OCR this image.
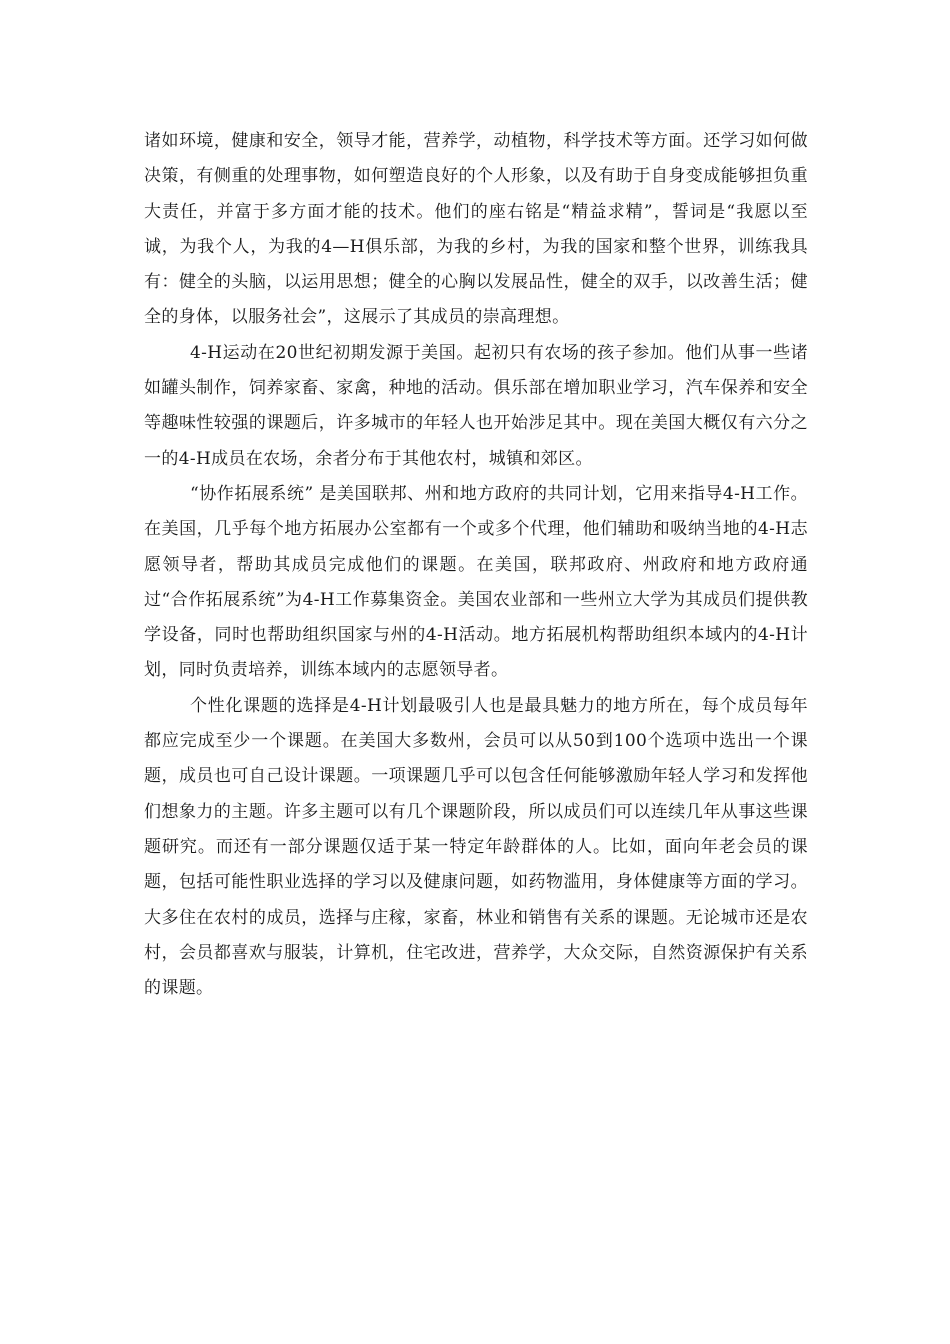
诸如环境，健康和安全，领导才能，营养学，动植物，科学技术等方面。还学习如何做决策，有侧重的处理事物，如何塑造良好的个人形象，以及有助于自身变成能够担负重大责任，并富于多方面才能的技术。他们的座右铭是“精益求精”，誓词是“我愿以至诚，为我个人，为我的4—H俱乐部，为我的乡村，为我的国家和整个世界，训练我具有：健全的头脑，以运用思想；健全的心胸以发展品性，健全的双手，以改善生活；健全的身体，以服务社会”，这展示了其成员的崇高理想。

4-H运动在20世纪初期发源于美国。起初只有农场的孩子参加。他们从事一些诸如罐头制作，饲养家畜、家禽，种地的活动。俱乐部在增加职业学习，汽车保养和安全等趣味性较强的课题后，许多城市的年轻人也开始涉足其中。现在美国大概仅有六分之一的4-H成员在农场，余者分布于其他农村，城镇和郊区。

“协作拓展系统” 是美国联邦、州和地方政府的共同计划，它用来指导4-H工作。在美国，几乎每个地方拓展办公室都有一个或多个代理，他们辅助和吸纳当地的4-H志愿领导者，帮助其成员完成他们的课题。在美国，联邦政府、州政府和地方政府通过“合作拓展系统”为4-H工作募集资金。美国农业部和一些州立大学为其成员们提供教学设备，同时也帮助组织国家与州的4-H活动。地方拓展机构帮助组织本域内的4-H计划，同时负责培养，训练本域内的志愿领导者。

个性化课题的选择是4-H计划最吸引人也是最具魅力的地方所在，每个成员每年都应完成至少一个课题。在美国大多数州，会员可以从50到100个选项中选出一个课题，成员也可自己设计课题。一项课题几乎可以包含任何能够激励年轻人学习和发挥他们想象力的主题。许多主题可以有几个课题阶段，所以成员们可以连续几年从事这些课题研究。而还有一部分课题仅适于某一特定年龄群体的人。比如，面向年老会员的课题，包括可能性职业选择的学习以及健康问题，如药物滥用，身体健康等方面的学习。大多住在农村的成员，选择与庄稼，家畜，林业和销售有关系的课题。无论城市还是农村，会员都喜欢与服装，计算机，住宅改进，营养学，大众交际，自然资源保护有关系的课题。
